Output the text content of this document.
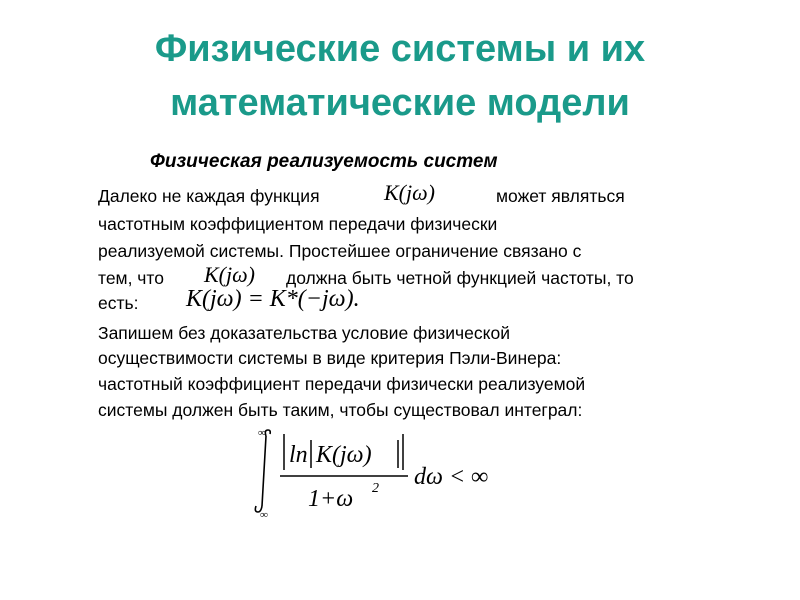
Физические системы и их
математические модели
Физическая реализуемость систем
Далеко не каждая функция	K(jω)	может являться
частотным коэффициентом передачи физически
реализуемой системы. Простейшее ограничение связано с
тем, что K(jω) должна быть четной функцией частоты, то
есть: K(jω) = K*(−jω).
Запишем без доказательства условие физической
осуществимости системы в виде критерия Пэли-Винера:
частотный коэффициент передачи физически реализуемой
системы должен быть таким, чтобы существовал интеграл:
∞
∞
ln K(jω)
1+ω 2 dω < ∞
